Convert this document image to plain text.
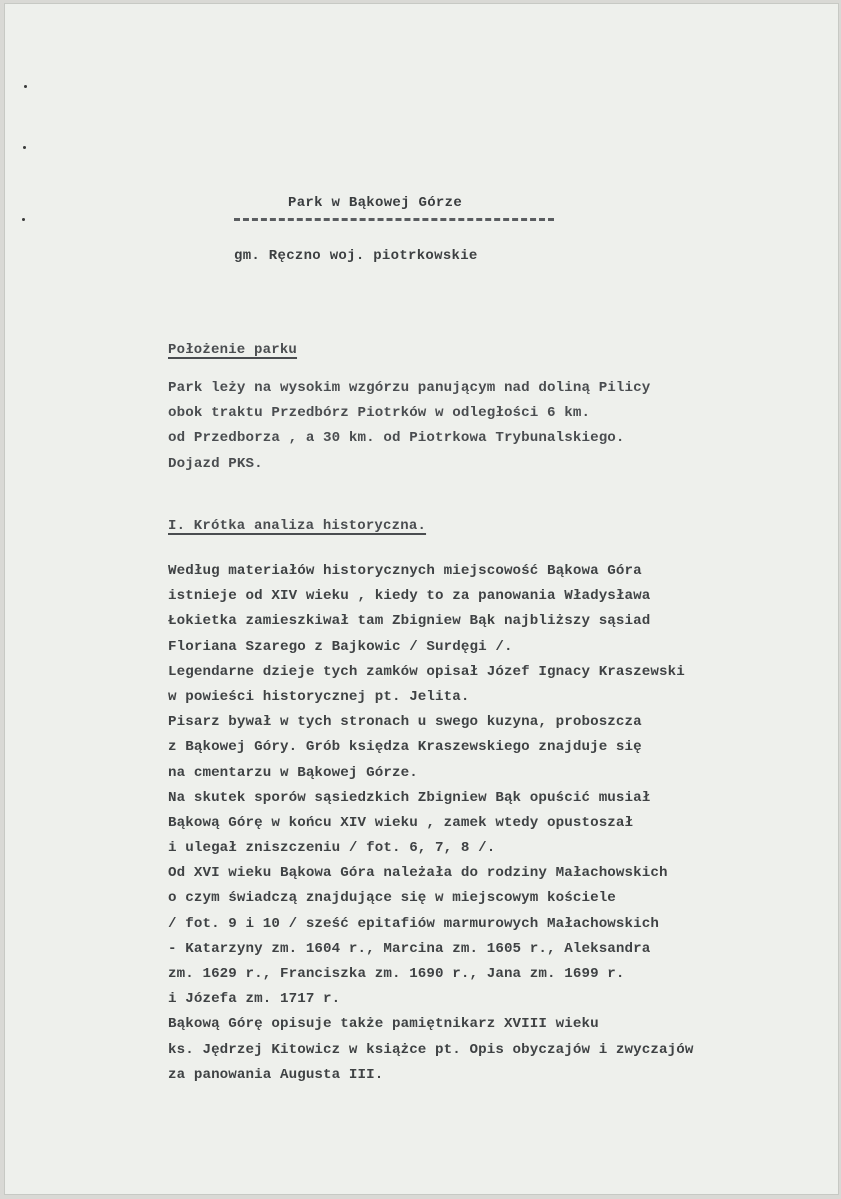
Park w Bąkowej Górze
gm. Ręczno woj. piotrkowskie
Położenie parku
Park leży na wysokim wzgórzu panującym nad doliną Pilicy
obok traktu Przedbórz Piotrków w odległości 6 km.
od Przedborza , a 30 km. od Piotrkowa Trybunalskiego.
Dojazd PKS.
I. Krótka analiza historyczna.
Według materiałów historycznych miejscowość Bąkowa Góra
istnieje od XIV wieku , kiedy to za panowania Władysława
Łokietka zamieszkiwał tam Zbigniew Bąk najbliższy sąsiad
Floriana Szarego z Bajkowic / Surdęgi /.
Legendarne dzieje tych zamków opisał Józef Ignacy Kraszewski
w powieści historycznej pt. Jelita.
Pisarz bywał w tych stronach u swego kuzyna, proboszcza
z Bąkowej Góry. Grób księdza Kraszewskiego znajduje się
na cmentarzu w Bąkowej Górze.
Na skutek sporów sąsiedzkich Zbigniew Bąk opuścić musiał
Bąkową Górę w końcu XIV wieku , zamek wtedy opustoszał
i ulegał zniszczeniu / fot. 6, 7, 8 /.
Od XVI wieku Bąkowa Góra należała do rodziny Małachowskich
o czym świadczą znajdujące się w miejscowym kościele
/ fot. 9 i 10 / sześć epitafiów marmurowych Małachowskich
- Katarzyny zm. 1604 r., Marcina zm. 1605 r., Aleksandra
zm. 1629 r., Franciszka zm. 1690 r., Jana zm. 1699 r.
i Józefa zm. 1717 r.
Bąkową Górę opisuje także pamiętnikarz XVIII wieku
ks. Jędrzej Kitowicz w książce pt. Opis obyczajów i zwyczajów
za panowania Augusta III.
